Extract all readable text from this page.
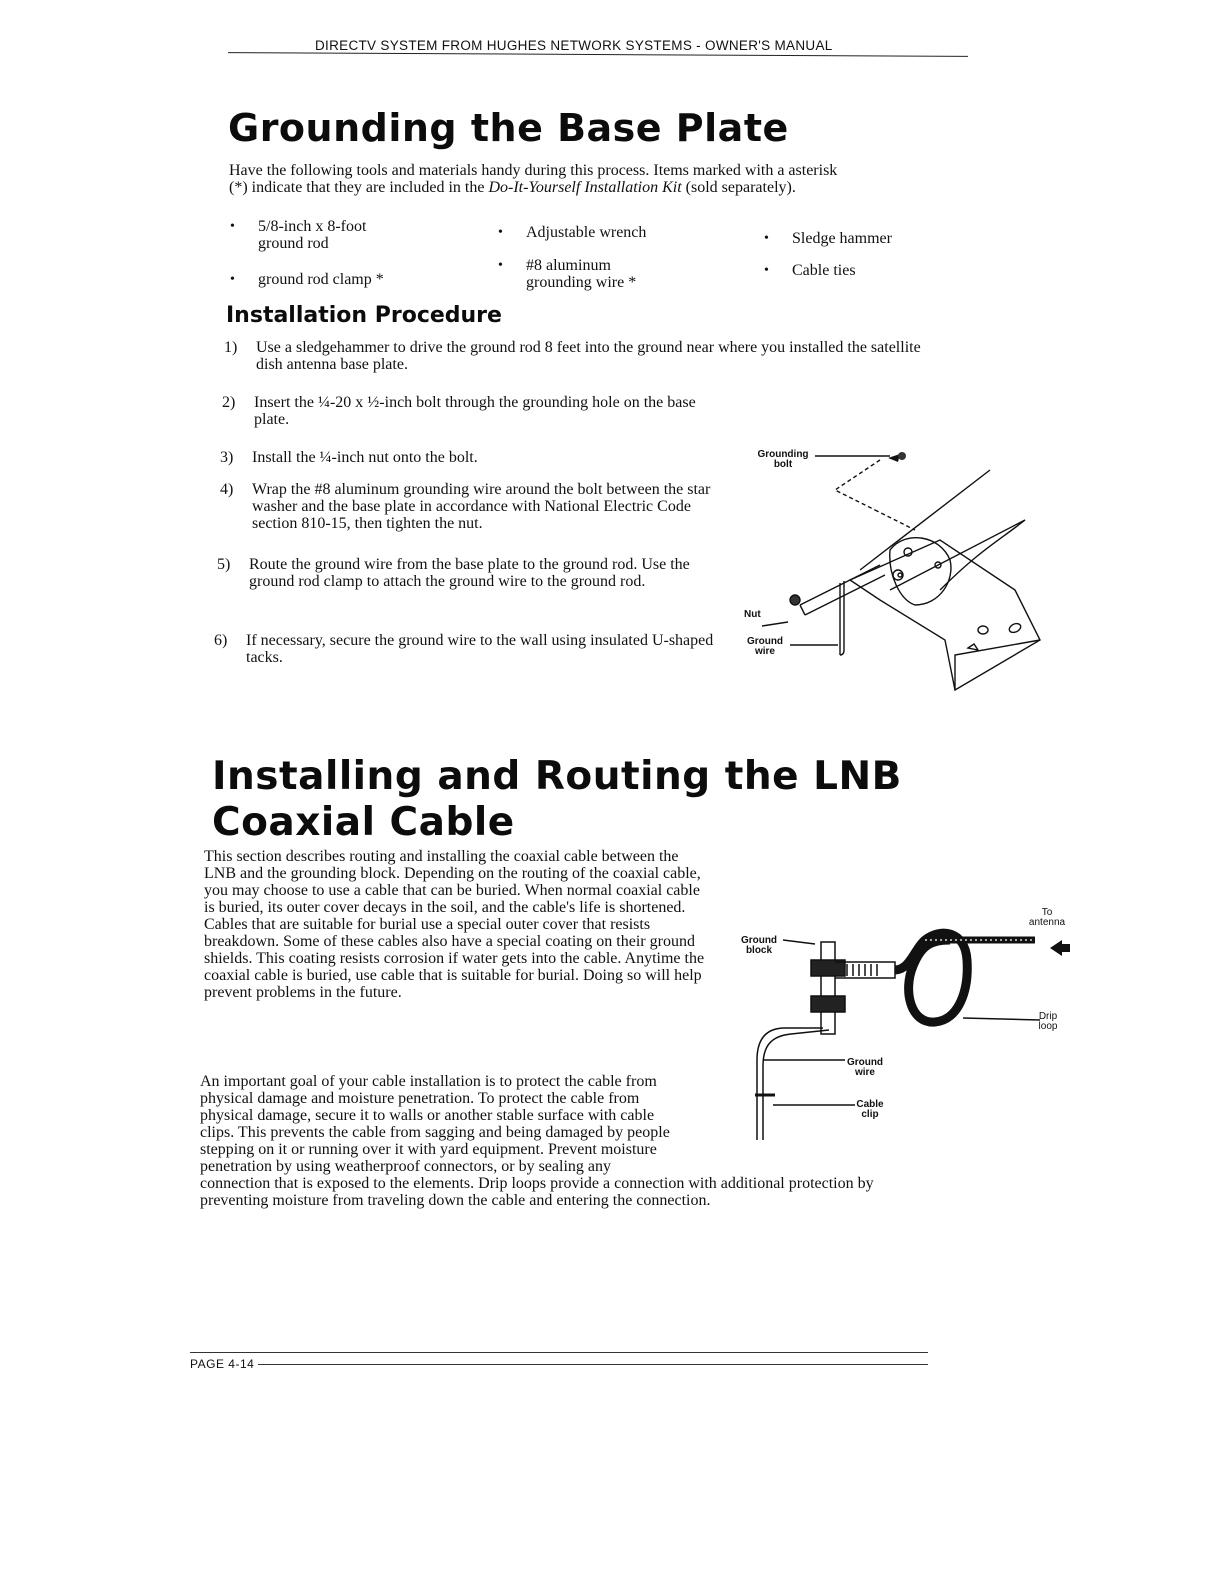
DIRECTV SYSTEM FROM HUGHES NETWORK SYSTEMS - OWNER'S MANUAL
Grounding the Base Plate
Have the following tools and materials handy during this process. Items marked with a asterisk
(*) indicate that they are included in the Do-It-Yourself Installation Kit (sold separately).
• 5/8-inch x 8-foot ground rod
• ground rod clamp *
• Adjustable wrench
• #8 aluminum grounding wire *
• Sledge hammer
• Cable ties
Installation Procedure
1) Use a sledgehammer to drive the ground rod 8 feet into the ground near where you installed the satellite dish antenna base plate.
2) Insert the ¼-20 x ½-inch bolt through the grounding hole on the base plate.
3) Install the ¼-inch nut onto the bolt.
4) Wrap the #8 aluminum grounding wire around the bolt between the star washer and the base plate in accordance with National Electric Code section 810-15, then tighten the nut.
5) Route the ground wire from the base plate to the ground rod. Use the ground rod clamp to attach the ground wire to the ground rod.
6) If necessary, secure the ground wire to the wall using insulated U-shaped tacks.
Grounding bolt
Nut
Ground wire
Installing and Routing the LNB
Coaxial Cable
This section describes routing and installing the coaxial cable between the LNB and the grounding block. Depending on the routing of the coaxial cable, you may choose to use a cable that can be buried. When normal coaxial cable is buried, its outer cover decays in the soil, and the cable's life is shortened. Cables that are suitable for burial use a special outer cover that resists breakdown. Some of these cables also have a special coating on their ground shields. This coating resists corrosion if water gets into the cable. Anytime the coaxial cable is buried, use cable that is suitable for burial. Doing so will help prevent problems in the future.
An important goal of your cable installation is to protect the cable from physical damage and moisture penetration. To protect the cable from physical damage, secure it to walls or another stable surface with cable clips. This prevents the cable from sagging and being damaged by people stepping on it or running over it with yard equipment. Prevent moisture penetration by using weatherproof connectors, or by sealing any connection that is exposed to the elements. Drip loops provide a connection with additional protection by preventing moisture from traveling down the cable and entering the connection.
Ground block
To antenna
Drip loop
Ground wire
Cable clip
PAGE 4-14
